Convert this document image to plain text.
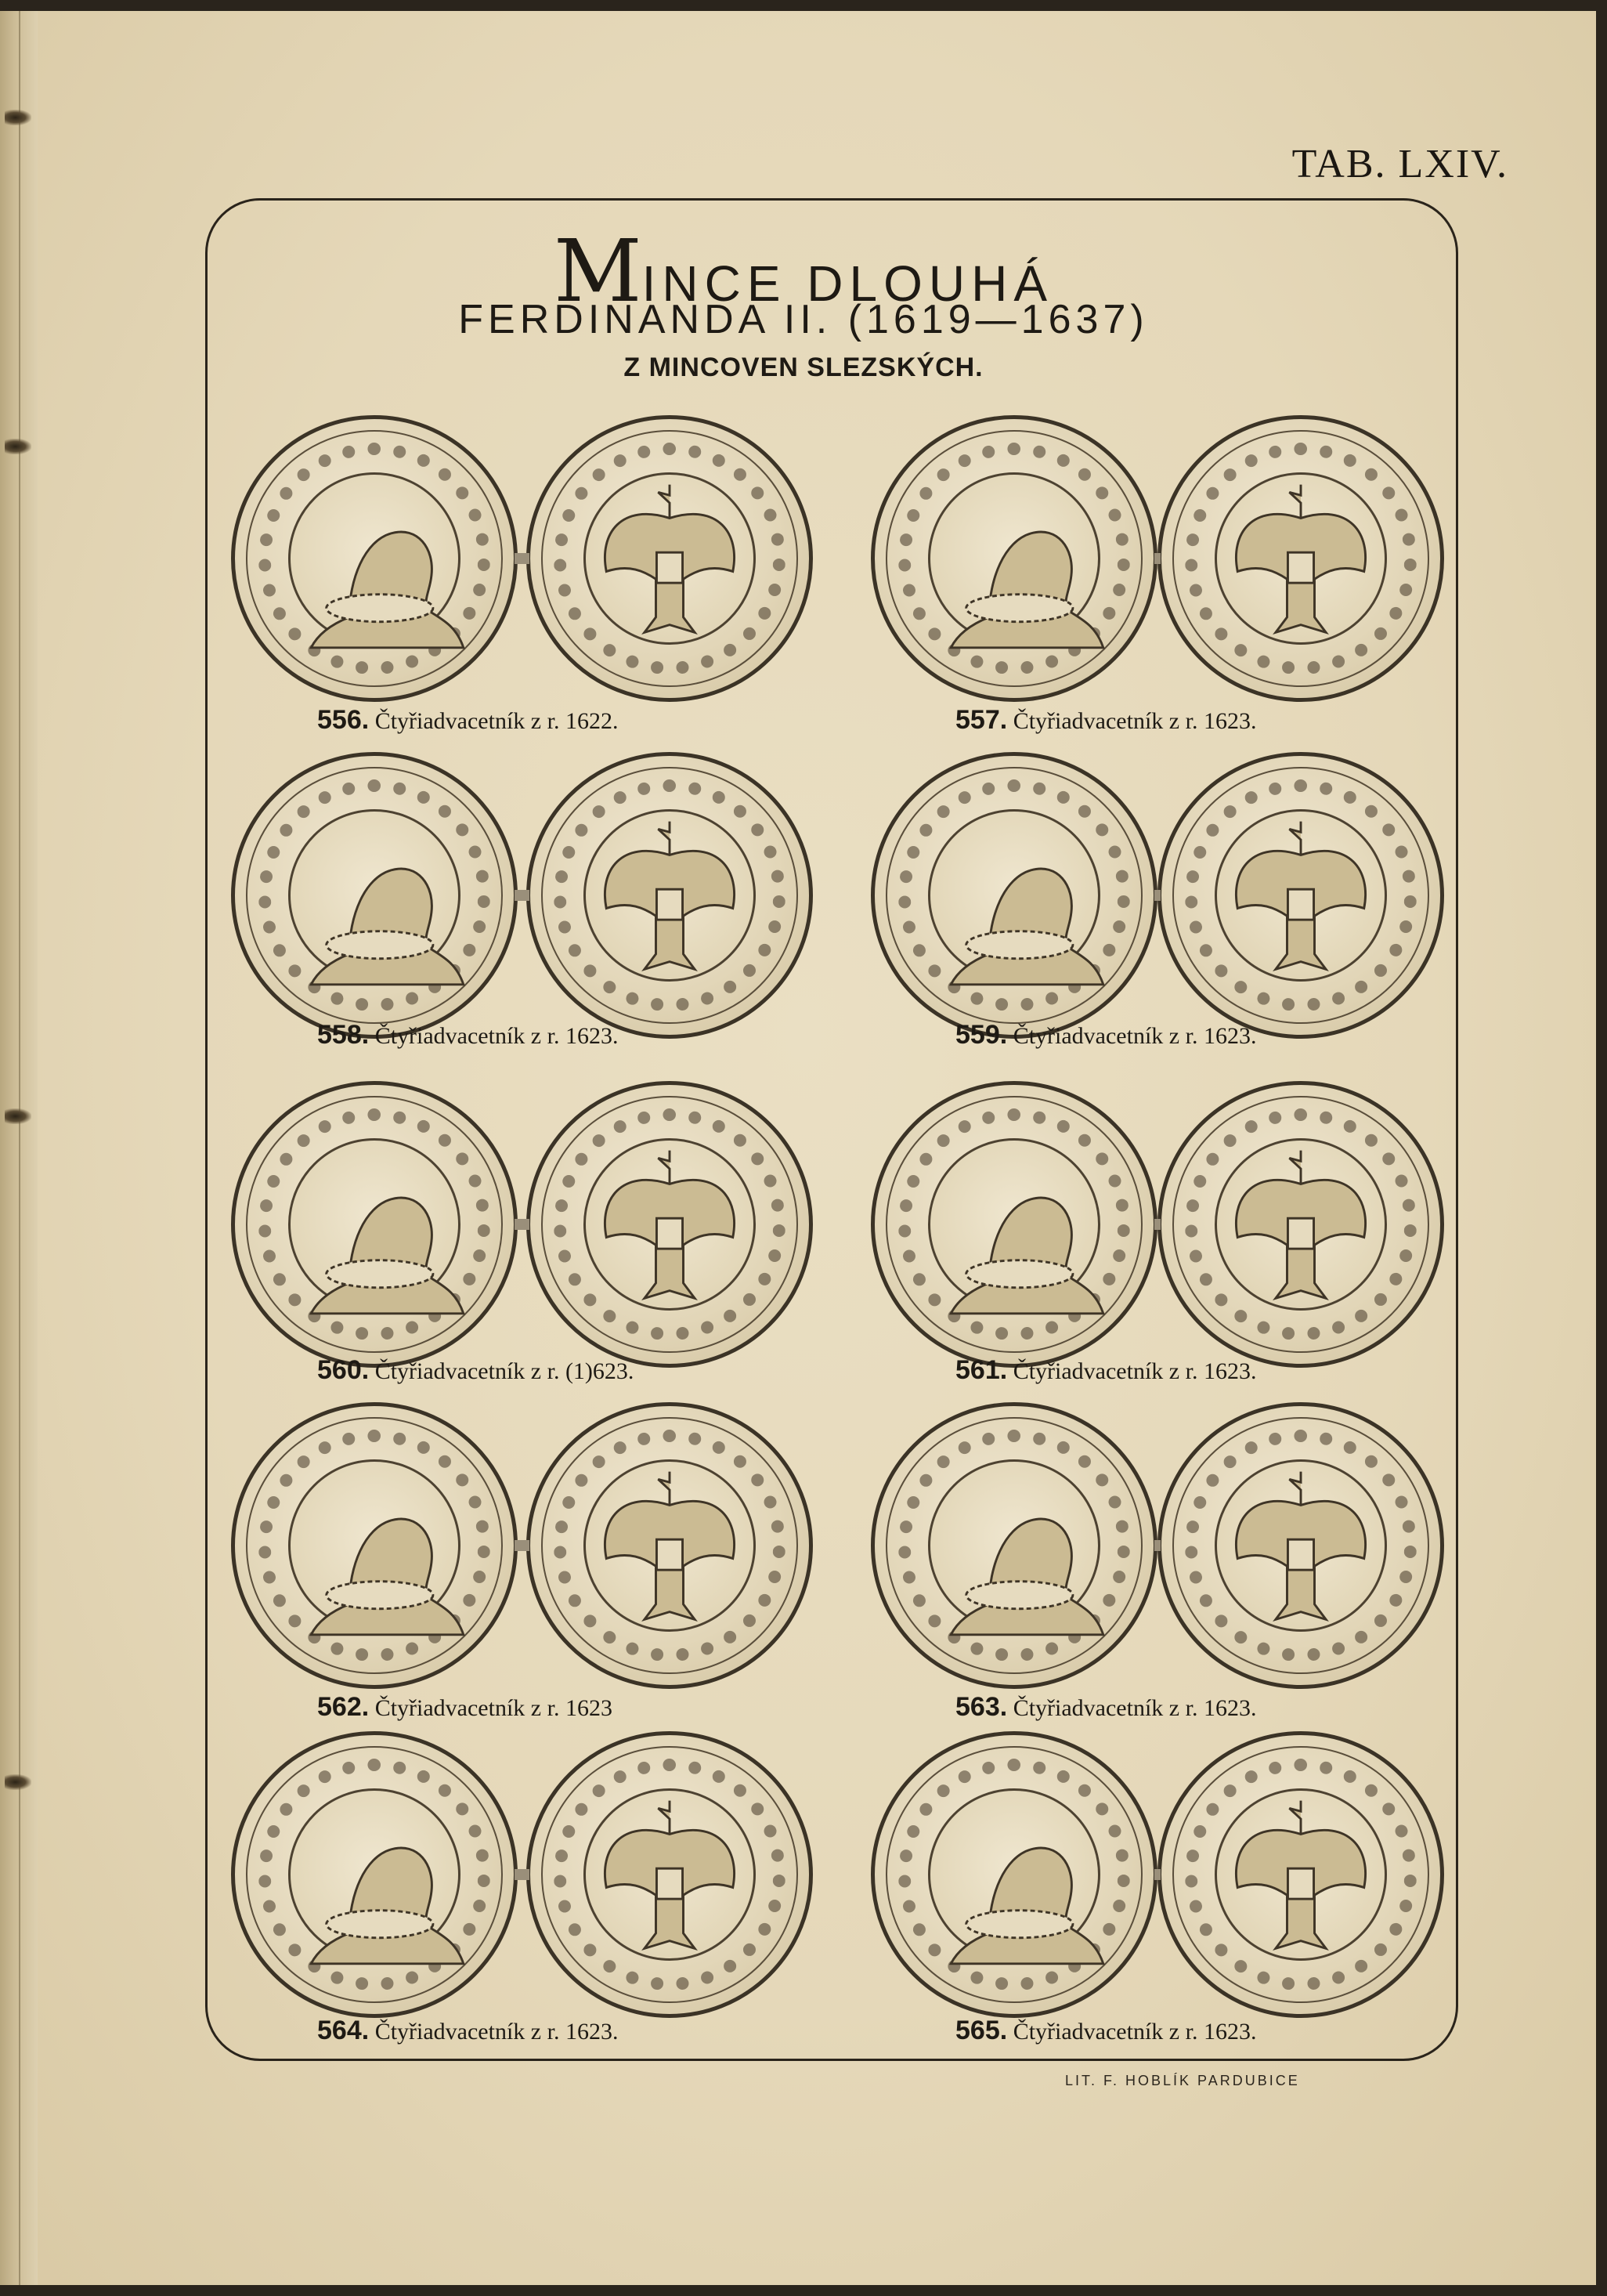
TAB. LXIV.
MINCE DLOUHÁ
FERDINANDA II. (1619—1637)
Z MINCOVEN SLEZSKÝCH.
556. Čtyřiadvacetník z r. 1622.	557. Čtyřiadvacetník z r. 1623.
558. Čtyřiadvacetník z r. 1623.	559. Čtyřiadvacetník z r. 1623.
560. Čtyřiadvacetník z r. (1)623.	561. Čtyřiadvacetník z r. 1623.
562. Čtyřiadvacetník z r. 1623	563. Čtyřiadvacetník z r. 1623.
564. Čtyřiadvacetník z r. 1623.	565. Čtyřiadvacetník z r. 1623.
LIT. F. HOBLÍK PARDUBICE
